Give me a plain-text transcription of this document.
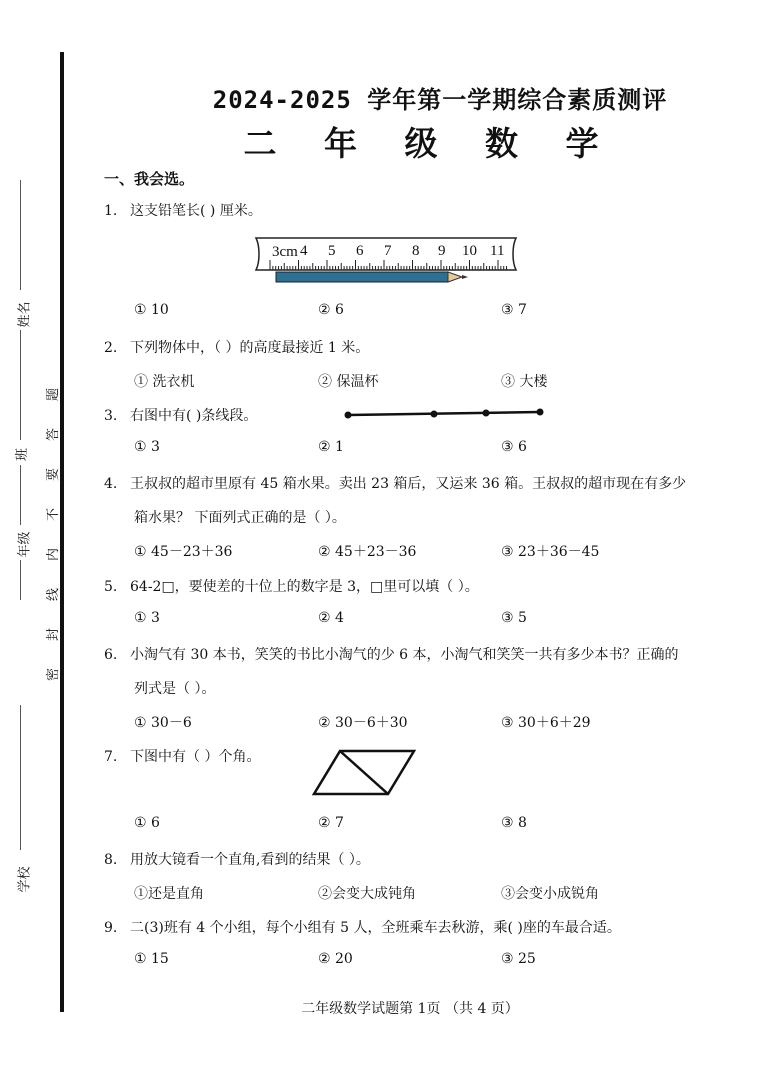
姓名
班
年级
学校
题
答
要
不
内
线
封
密
2024-2025 学年第一学期综合素质测评
二 年 级 数 学
一、我会选。
1. 这支铅笔长( ) 厘米。
3cm 4 5 6 7 8 9 10 11
① 10	② 6	③ 7
2. 下列物体中，（ ）的高度最接近 1 米。
① 洗衣机	② 保温杯	③ 大楼
3. 右图中有( )条线段。
① 3	② 1	③ 6
4. 王叔叔的超市里原有 45 箱水果。卖出 23 箱后，又运来 36 箱。王叔叔的超市现在有多少
箱水果？ 下面列式正确的是（ ）。
① 45－23＋36	② 45＋23－36	③ 23＋36－45
5. 64-2□，要使差的十位上的数字是 3，□里可以填（ ）。
① 3	② 4	③ 5
6. 小淘气有 30 本书，笑笑的书比小淘气的少 6 本，小淘气和笑笑一共有多少本书？正确的
列式是（ ）。
① 30－6	② 30－6＋30	③ 30＋6＋29
7. 下图中有（ ）个角。
① 6	② 7	③ 8
8. 用放大镜看一个直角,看到的结果（ ）。
①还是直角	②会变大成钝角	③会变小成锐角
9. 二(3)班有 4 个小组，每个小组有 5 人，全班乘车去秋游，乘( )座的车最合适。
① 15	② 20	③ 25
二年级数学试题第 1页 （共 4 页）
